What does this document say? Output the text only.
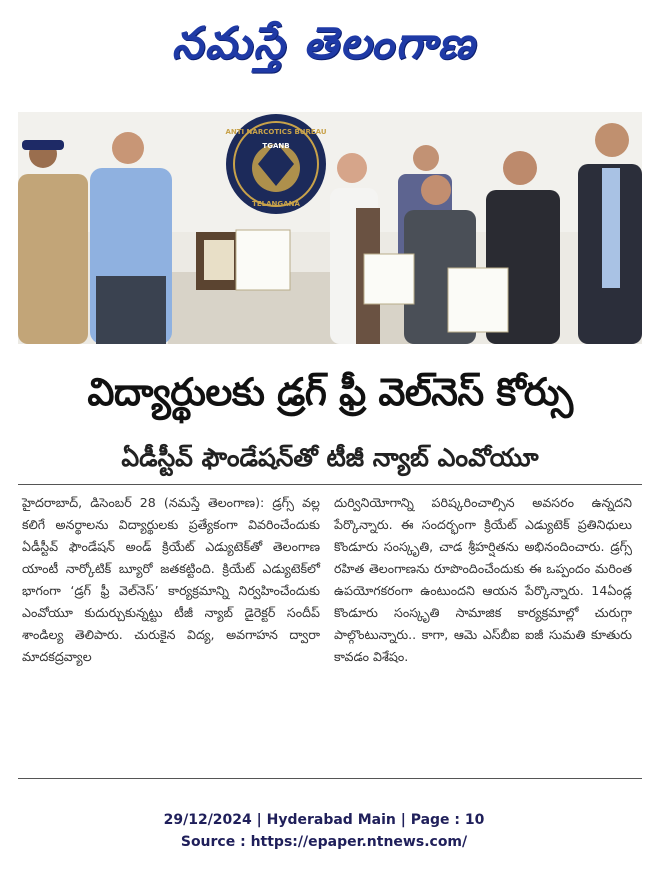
నమస్తే తెలంగాణ
ANTI NARCOTICS BUREAU
TGANB
TELANGANA
విద్యార్థులకు డ్రగ్ ఫ్రీ వెల్‌నెస్ కోర్సు
ఏడీస్టీవ్ ఫౌండేషన్‌తో టీజీ న్యాబ్ ఎంవోయూ

హైదరాబాద్, డిసెంబర్ 28 (నమస్తే తెలంగాణ): డ్రగ్స్ వల్ల కలిగే అనర్థాలను విద్యార్థులకు ప్రత్యేకంగా వివరించేందుకు ఏడీస్టీవ్ ఫౌండేషన్ అండ్ క్రియేట్ ఎడ్యుటెక్‌తో తెలంగాణ యాంటీ నార్కోటిక్ బ్యూరో జతకట్టింది. క్రియేట్ ఎడ్యుటెక్‌లో భాగంగా ‘డ్రగ్ ఫ్రీ వెల్‌నెస్’ కార్యక్రమాన్ని నిర్వహించేందుకు ఎంవోయూ కుదుర్చుకున్నట్టు టీజీ న్యాబ్ డైరెక్టర్ సందీప్ శాండిల్య తెలిపారు. చురుకైన విద్య, అవగాహన ద్వారా మాదకద్రవ్యాల

దుర్వినియోగాన్ని పరిష్కరించాల్సిన అవసరం ఉన్నదని పేర్కొన్నారు. ఈ సందర్భంగా క్రియేట్ ఎడ్యుటెక్ ప్రతినిధులు కొండూరు సంస్కృతి, చాడ శ్రీహర్షితను అభినందించారు. డ్రగ్స్ రహిత తెలంగాణను రూపొందించేందుకు ఈ ఒప్పందం మరింత ఉపయోగకరంగా ఉంటుందని ఆయన పేర్కొన్నారు. 14ఏండ్ల కొండూరు సంస్కృతి సామాజిక కార్యక్రమాల్లో చురుగ్గా పాల్గొంటున్నారు.. కాగా, ఆమె ఎస్‌బీఐ ఐజీ సుమతి కూతురు కావడం విశేషం.

29/12/2024 | Hyderabad Main | Page : 10
Source : https://epaper.ntnews.com/
